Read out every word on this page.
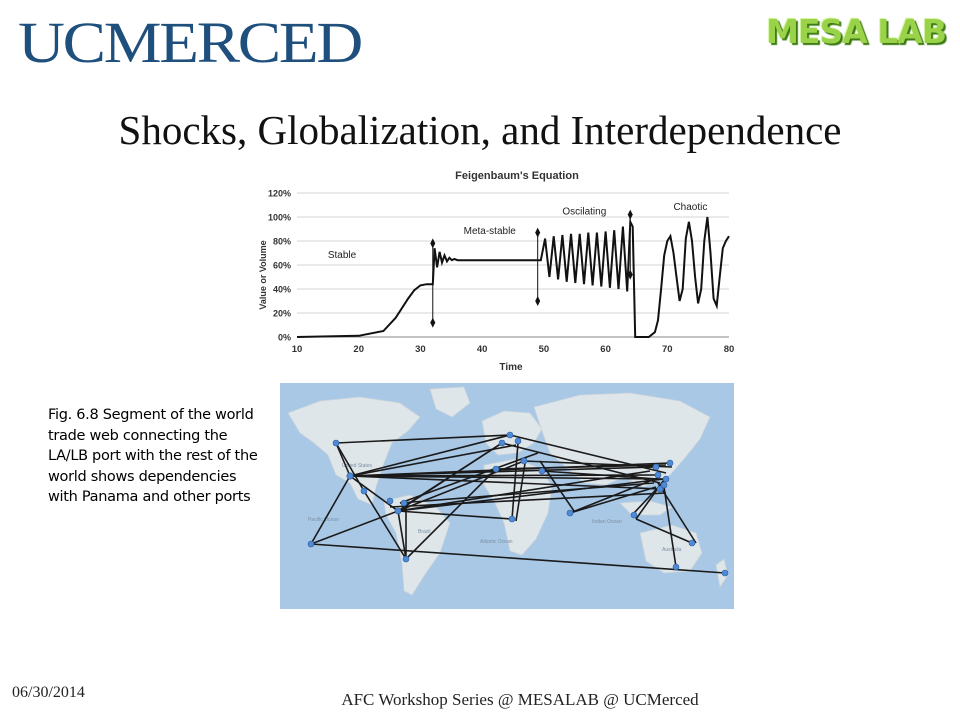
UCMERCED	MESA LAB
Shocks, Globalization, and Interdependence
Feigenbaum's Equation
0%
20%
40%
60%
80%
100%
120%
10	20	30	40	50	60	70	80
Value or Volume
Time
Stable
Meta-stable
Oscilating	Chaotic
Fig. 6.8 Segment of the world trade web connecting the LA/LB port with the rest of the world shows dependencies with Panama and other ports
United States
Pacific Ocean
Atlantic Ocean
Brazil
Indian Ocean
Australia
06/30/2014	AFC Workshop Series @ MESALAB @ UCMerced
